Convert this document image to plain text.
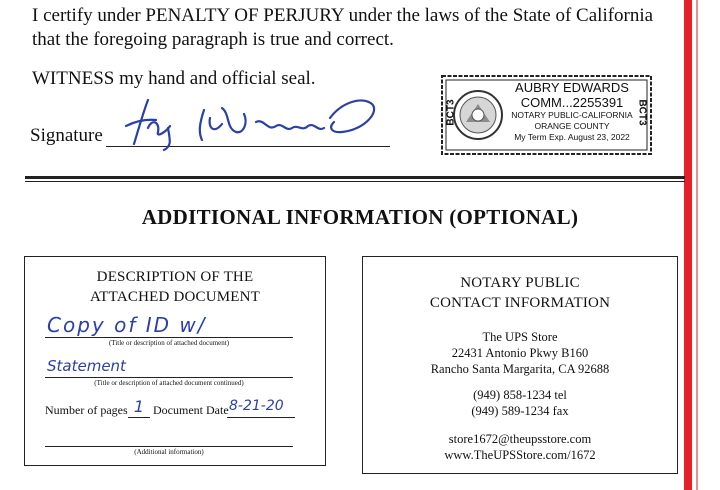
I certify under PENALTY OF PERJURY under the laws of the State of California
that the foregoing paragraph is true and correct.
WITNESS my hand and official seal.
Signature
BCT3	BCT3
AUBRY EDWARDS
COMM...2255391
NOTARY PUBLIC-CALIFORNIA
ORANGE COUNTY
My Term Exp. August 23, 2022
ADDITIONAL INFORMATION (OPTIONAL)
DESCRIPTION OF THE
ATTACHED DOCUMENT
Copy of ID w/
(Title or description of attached document)
Statement
(Title or description of attached document continued)
Number of pages 1 Document Date 8-21-20
(Additional information)
NOTARY PUBLIC
CONTACT INFORMATION
The UPS Store
22431 Antonio Pkwy B160
Rancho Santa Margarita, CA 92688
(949) 858-1234 tel
(949) 589-1234 fax
store1672@theupsstore.com
www.TheUPSStore.com/1672
